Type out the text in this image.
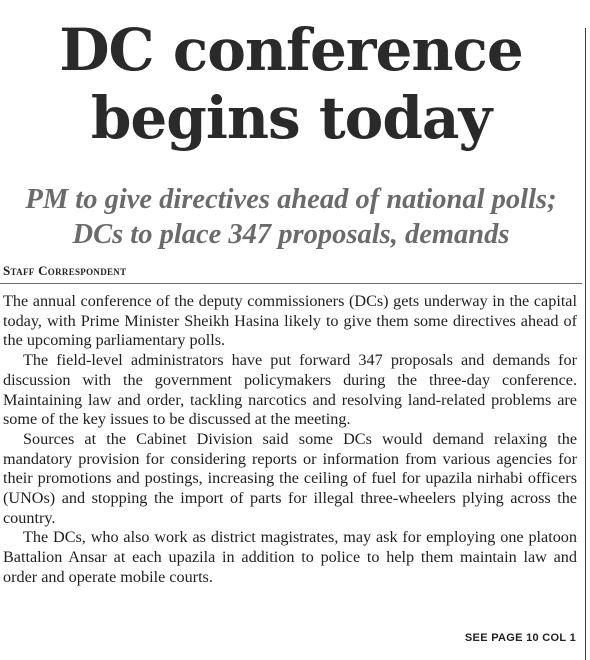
DC conference
begins today
PM to give directives ahead of national polls;
DCs to place 347 proposals, demands
Staff Correspondent

The annual conference of the deputy commissioners (DCs) gets underway in the capital today, with Prime Minister Sheikh Hasina likely to give them some directives ahead of the upcoming parliamentary polls.

The field-level administrators have put forward 347 proposals and demands for discussion with the government policymakers during the three-day conference. Maintaining law and order, tackling narcotics and resolving land-related problems are some of the key issues to be discussed at the meeting.

Sources at the Cabinet Division said some DCs would demand relaxing the mandatory provision for considering reports or information from various agencies for their promotions and postings, increasing the ceiling of fuel for upazila nirhabi officers (UNOs) and stopping the import of parts for illegal three-wheelers plying across the country.

The DCs, who also work as district magistrates, may ask for employing one platoon Battalion Ansar at each upazila in addition to police to help them maintain law and order and operate mobile courts.

SEE PAGE 10 COL 1
